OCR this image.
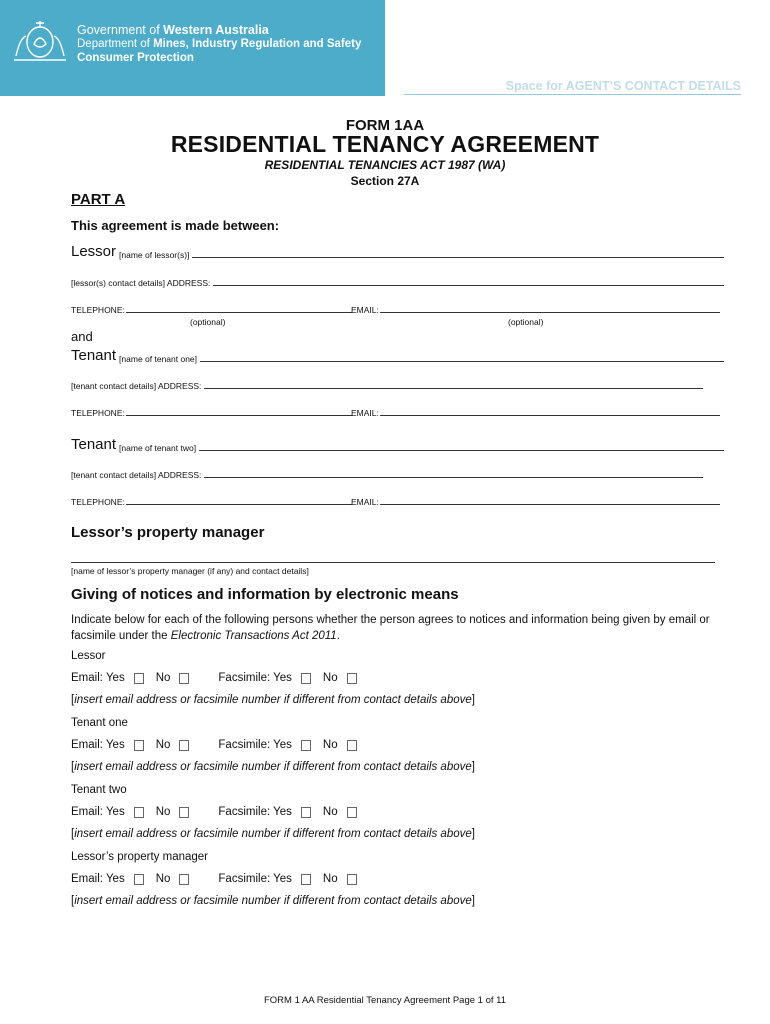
Government of Western Australia
Department of Mines, Industry Regulation and Safety
Consumer Protection
Space for AGENT’S CONTACT DETAILS
FORM 1AA
RESIDENTIAL TENANCY AGREEMENT
RESIDENTIAL TENANCIES ACT 1987 (WA)
Section 27A
PART A
This agreement is made between:
Lessor [name of lessor(s)]
[lessor(s) contact details] ADDRESS:
TELEPHONE:	EMAIL:
(optional)	(optional)
and
Tenant [name of tenant one]
[tenant contact details] ADDRESS:
TELEPHONE:	EMAIL:
Tenant [name of tenant two]
[tenant contact details] ADDRESS:
TELEPHONE:	EMAIL:
Lessor’s property manager
[name of lessor’s property manager (if any) and contact details]
Giving of notices and information by electronic means
Indicate below for each of the following persons whether the person agrees to notices and information being given by email or facsimile under the Electronic Transactions Act 2011.
Lessor
Email: Yes	No	Facsimile: Yes	No
[insert email address or facsimile number if different from contact details above]
Tenant one
Email: Yes	No	Facsimile: Yes	No
[insert email address or facsimile number if different from contact details above]
Tenant two
Email: Yes	No	Facsimile: Yes	No
[insert email address or facsimile number if different from contact details above]
Lessor’s property manager
Email: Yes	No	Facsimile: Yes	No
[insert email address or facsimile number if different from contact details above]
FORM 1 AA Residential Tenancy Agreement Page 1 of 11
